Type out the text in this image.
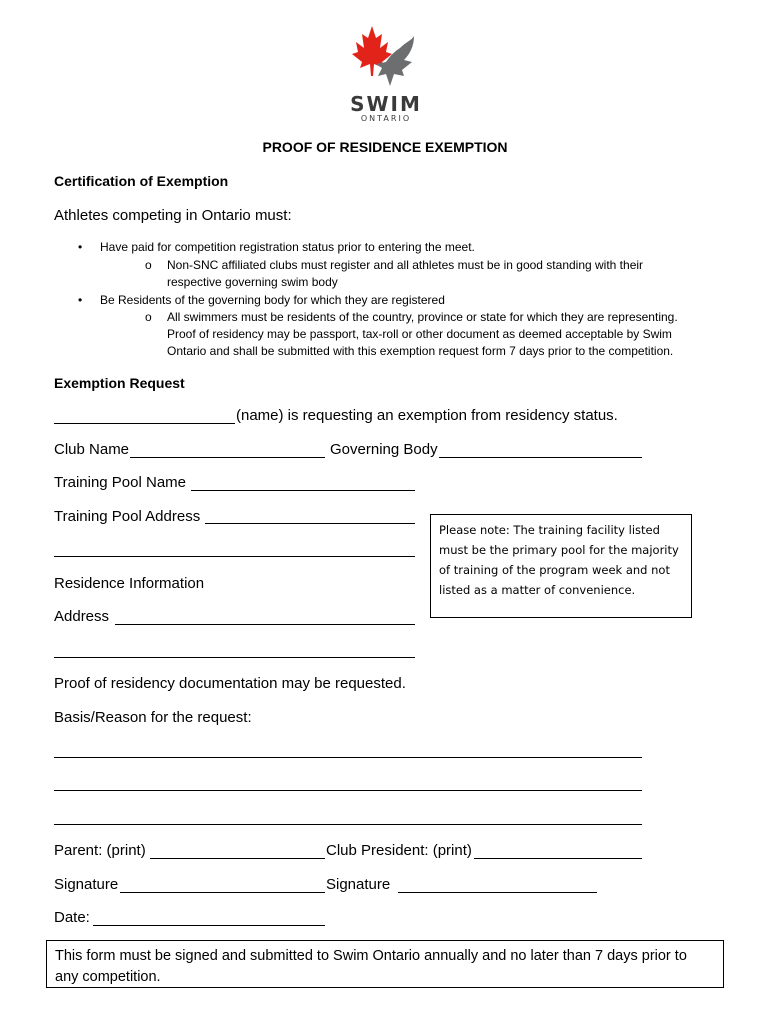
SWIM
ONTARIO
PROOF OF RESIDENCE EXEMPTION
Certification of Exemption
Athletes competing in Ontario must:
• Have paid for competition registration status prior to entering the meet.
o Non-SNC affiliated clubs must register and all athletes must be in good standing with their
respective governing swim body
• Be Residents of the governing body for which they are registered
o All swimmers must be residents of the country, province or state for which they are representing.
Proof of residency may be passport, tax-roll or other document as deemed acceptable by Swim
Ontario and shall be submitted with this exemption request form 7 days prior to the competition.
Exemption Request
(name) is requesting an exemption from residency status.
Club Name	Governing Body
Training Pool Name
Training Pool Address
Residence Information
Address
Please note: The training facility listed
must be the primary pool for the majority
of training of the program week and not
listed as a matter of convenience.
Proof of residency documentation may be requested.
Basis/Reason for the request:
Parent: (print)	Club President: (print)
Signature	Signature
Date:
This form must be signed and submitted to Swim Ontario annually and no later than 7 days prior to
any competition.
